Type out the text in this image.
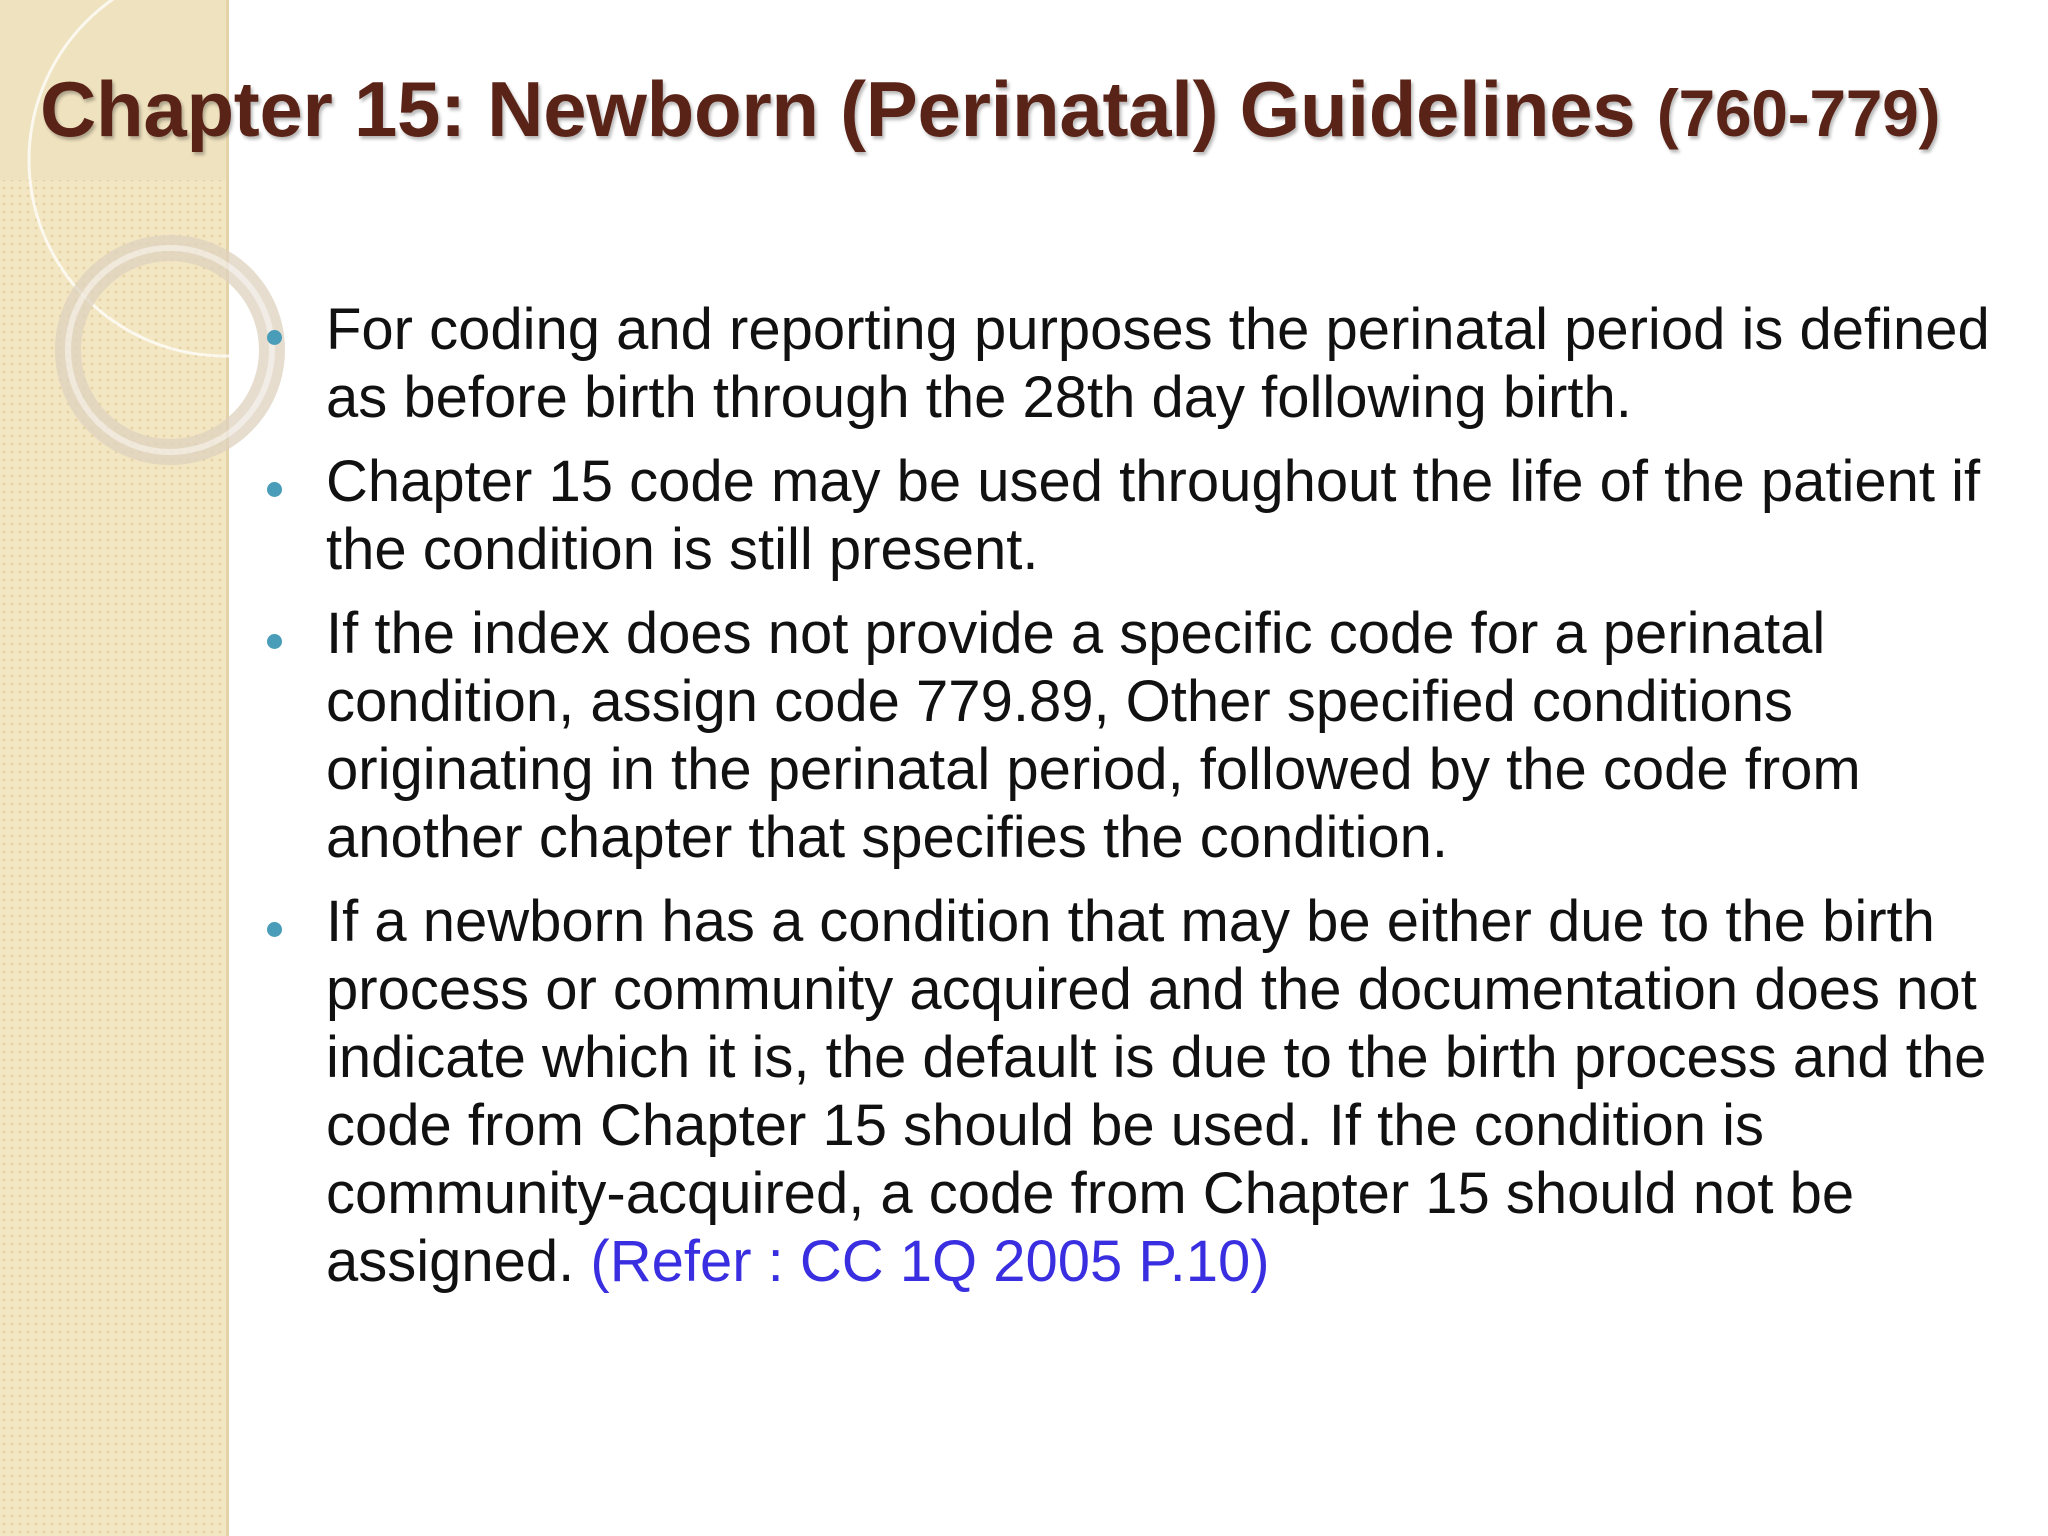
Chapter 15: Newborn (Perinatal) Guidelines (760-779)
For coding and reporting purposes the perinatal period is defined as before birth through the 28th day following birth.
Chapter 15 code may be used throughout the life of the patient if the condition is still present.
If the index does not provide a specific code for a perinatal condition, assign code 779.89, Other specified conditions originating in the perinatal period, followed by the code from another chapter that specifies the condition.
If a newborn has a condition that may be either due to the birth process or community acquired and the documentation does not indicate which it is, the default is due to the birth process and the code from Chapter 15 should be used. If the condition is community-acquired, a code from Chapter 15 should not be assigned. (Refer : CC 1Q 2005 P.10)
